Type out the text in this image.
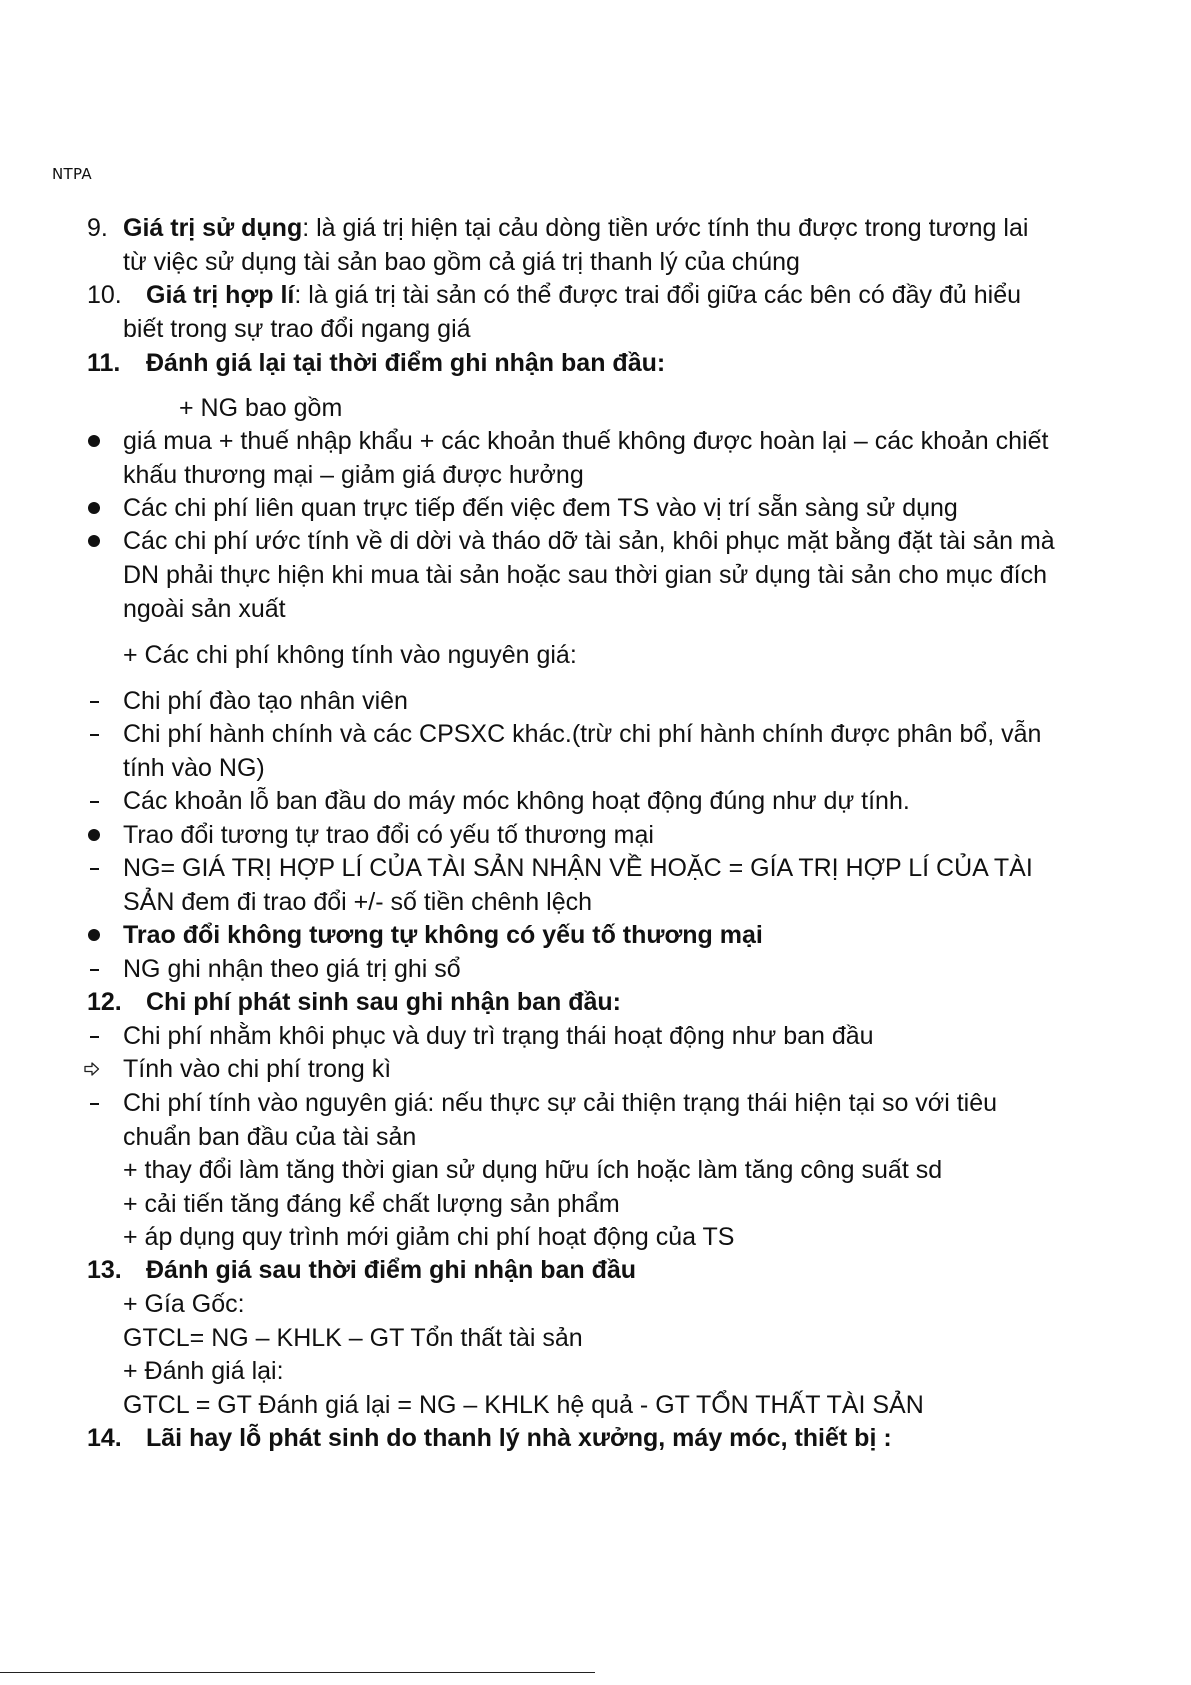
NTPA
9. Giá trị sử dụng: là giá trị hiện tại cảu dòng tiền ước tính thu được trong tương lai
từ việc sử dụng tài sản bao gồm cả giá trị thanh lý của chúng
10. Giá trị hợp lí: là giá trị tài sản có thể được trai đổi giữa các bên có đầy đủ hiểu
biết trong sự trao đổi ngang giá
11. Đánh giá lại tại thời điểm ghi nhận ban đầu:
+ NG bao gồm
giá mua + thuế nhập khẩu + các khoản thuế không được hoàn lại – các khoản chiết
khấu thương mại – giảm giá được hưởng
Các chi phí liên quan trực tiếp đến việc đem TS vào vị trí sẵn sàng sử dụng
Các chi phí ước tính về di dời và tháo dỡ tài sản, khôi phục mặt bằng đặt tài sản mà
DN phải thực hiện khi mua tài sản hoặc sau thời gian sử dụng tài sản cho mục đích
ngoài sản xuất
+ Các chi phí không tính vào nguyên giá:
Chi phí đào tạo nhân viên
Chi phí hành chính và các CPSXC khác.(trừ chi phí hành chính được phân bổ, vẫn
tính vào NG)
Các khoản lỗ ban đầu do máy móc không hoạt động đúng như dự tính.
Trao đổi tương tự trao đổi có yếu tố thương mại
NG= GIÁ TRỊ HỢP LÍ CỦA TÀI SẢN NHẬN VỀ HOẶC = GÍA TRỊ HỢP LÍ CỦA TÀI
SẢN đem đi trao đổi +/- số tiền chênh lệch
Trao đổi không tương tự không có yếu tố thương mại
NG ghi nhận theo giá trị ghi sổ
12. Chi phí phát sinh sau ghi nhận ban đầu:
Chi phí nhằm khôi phục và duy trì trạng thái hoạt động như ban đầu
Tính vào chi phí trong kì
Chi phí tính vào nguyên giá: nếu thực sự cải thiện trạng thái hiện tại so với tiêu
chuẩn ban đầu của tài sản
+ thay đổi làm tăng thời gian sử dụng hữu ích hoặc làm tăng công suất sd
+ cải tiến tăng đáng kể chất lượng sản phẩm
+ áp dụng quy trình mới giảm chi phí hoạt động của TS
13. Đánh giá sau thời điểm ghi nhận ban đầu
+ Gía Gốc:
GTCL= NG – KHLK – GT Tổn thất tài sản
+ Đánh giá lại:
GTCL = GT Đánh giá lại = NG – KHLK hệ quả - GT TỔN THẤT TÀI SẢN
14. Lãi hay lỗ phát sinh do thanh lý nhà xưởng, máy móc, thiết bị :
